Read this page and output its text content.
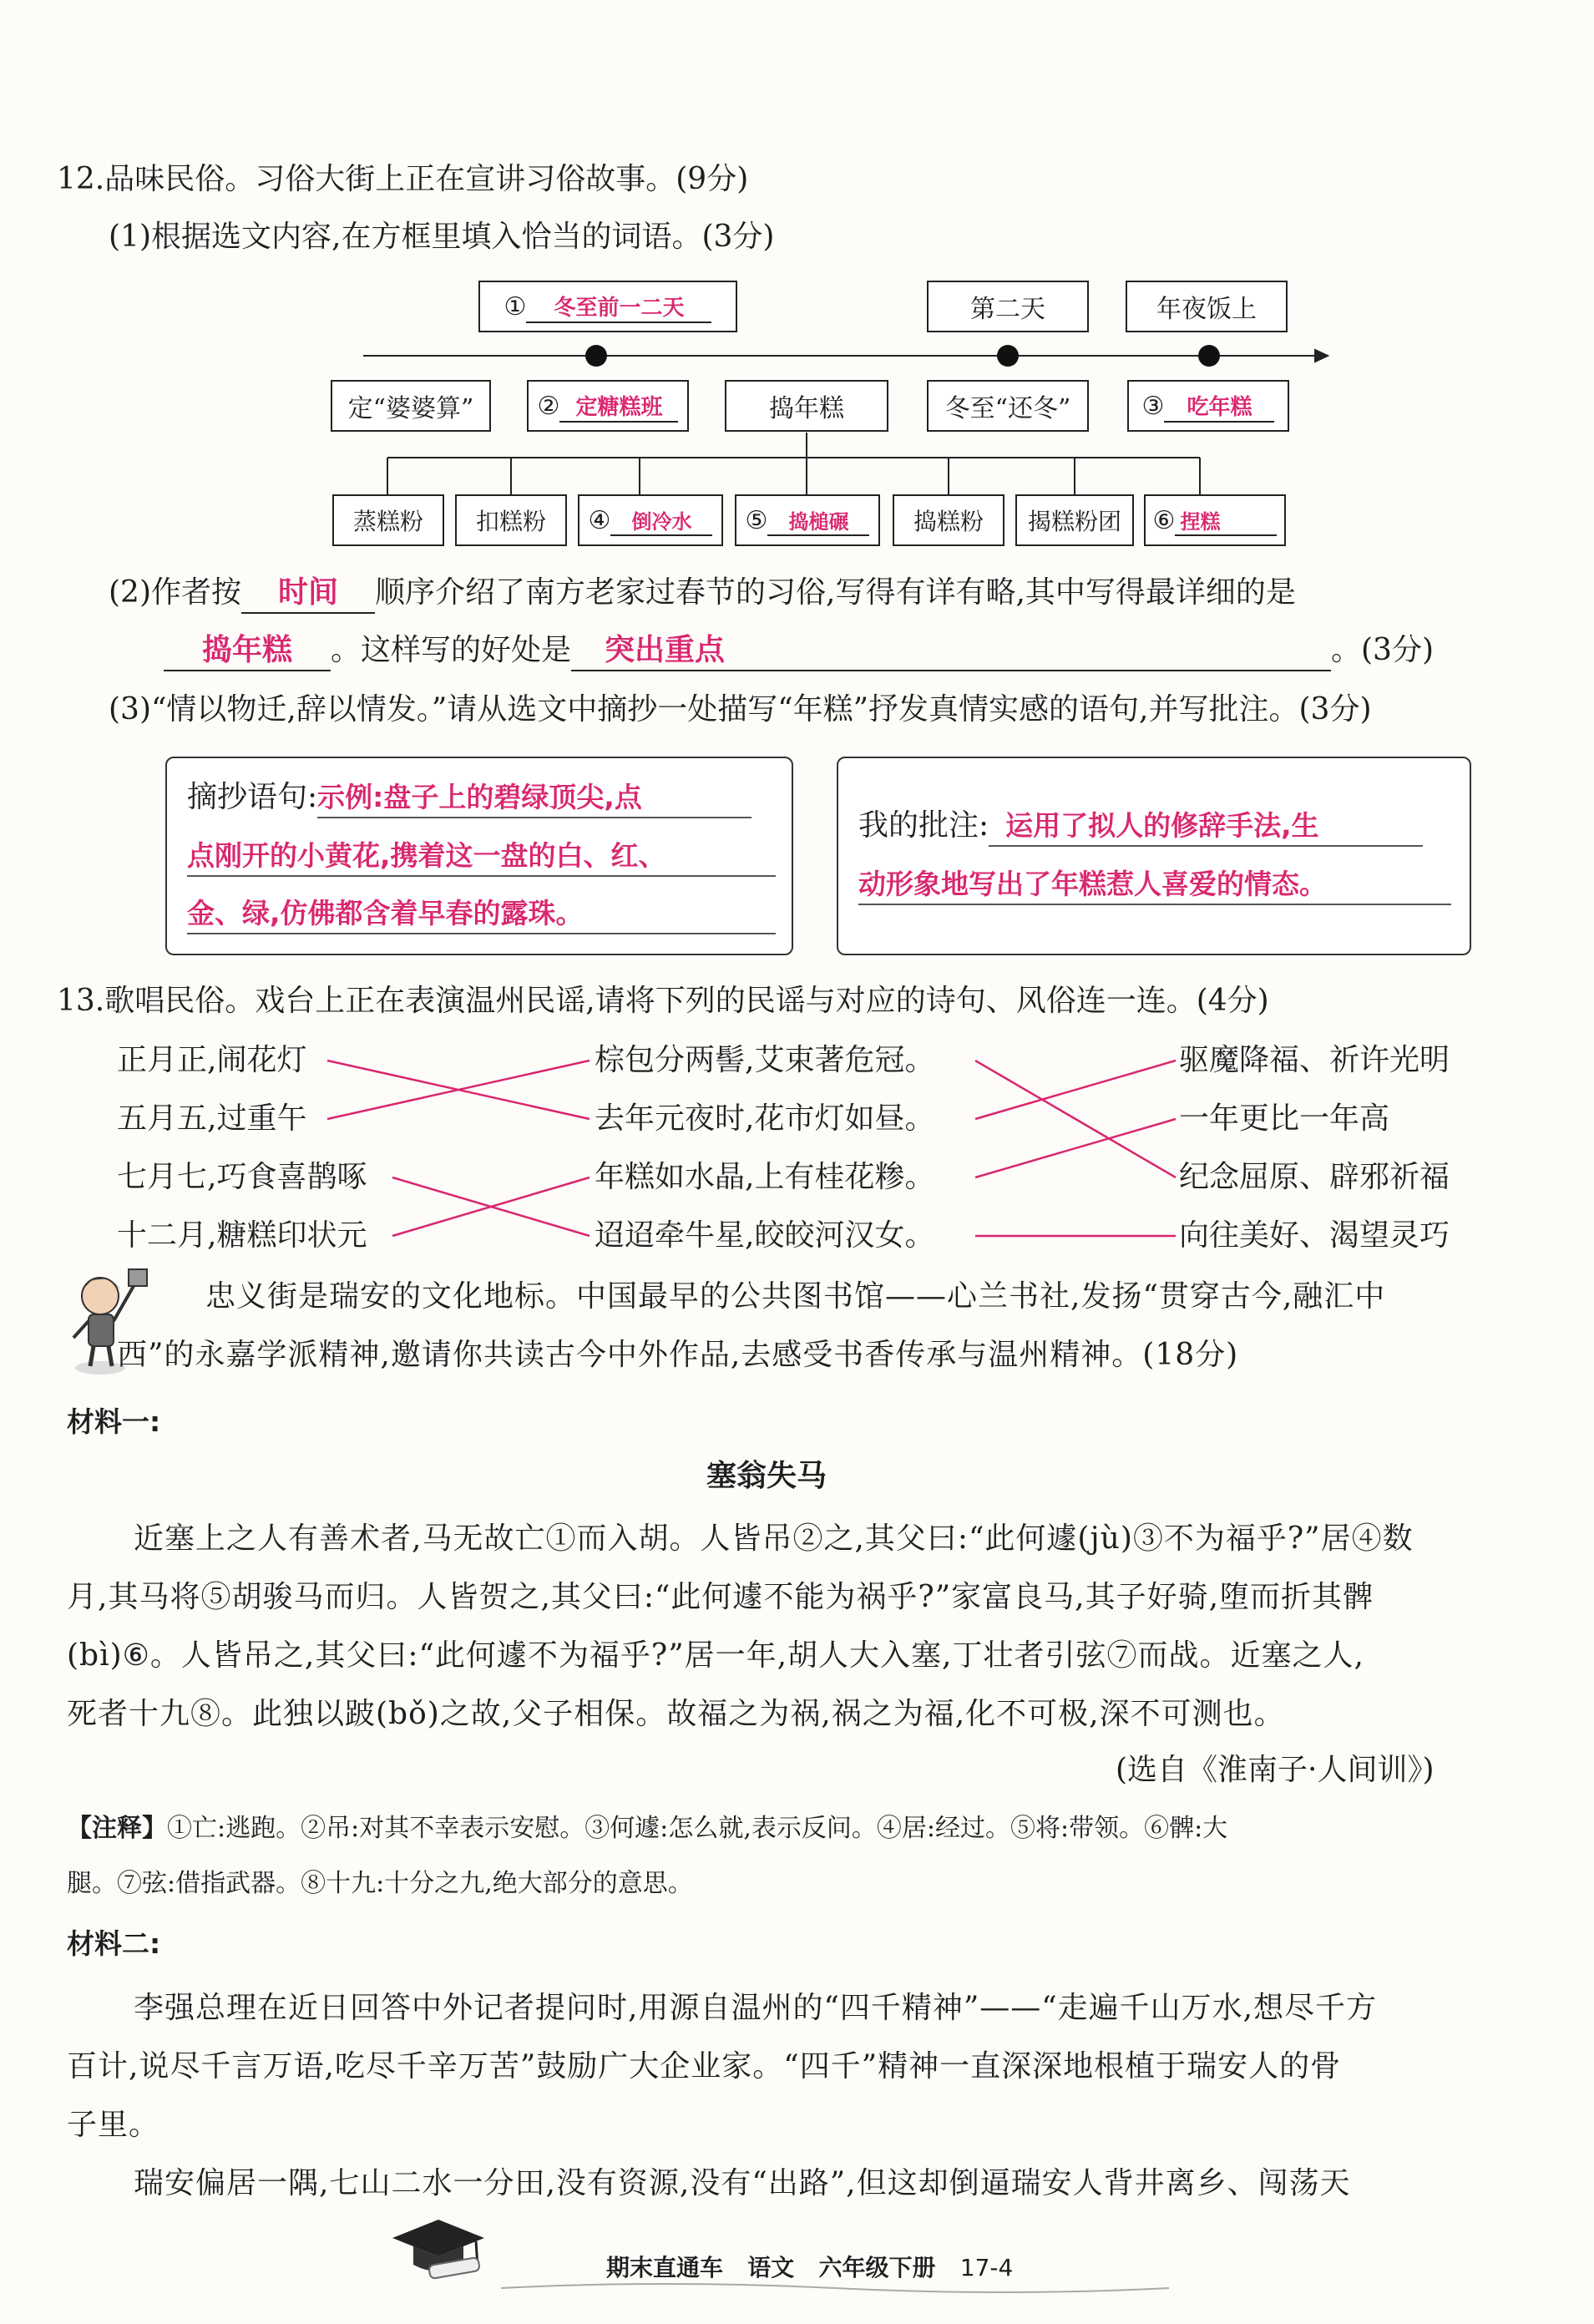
12.品味民俗。习俗大街上正在宣讲习俗故事。(9分)
(1)根据选文内容,在方框里填入恰当的词语。(3分)
①	冬至前一二天	第二天	年夜饭上
定“婆婆算”	② 定糖糕班	捣年糕	冬至“还冬”	③	吃年糕
蒸糕粉	扣糕粉	④	倒冷水	⑤	捣槌碾	捣糕粉	揭糕粉团	⑥ 捏糕
(2)作者按 时间 顺序介绍了南方老家过春节的习俗,写得有详有略,其中写得最详细的是
捣年糕 。这样写的好处是 突出重点	。(3分)
(3)“情以物迁,辞以情发。”请从选文中摘抄一处描写“年糕”抒发真情实感的语句,并写批注。(3分)
摘抄语句:示例:盘子上的碧绿顶尖,点
点刚开的小黄花,携着这一盘的白、红、
金、绿,仿佛都含着早春的露珠。
我的批注: 运用了拟人的修辞手法,生
动形象地写出了年糕惹人喜爱的情态。
13.歌唱民俗。戏台上正在表演温州民谣,请将下列的民谣与对应的诗句、风俗连一连。(4分)
正月正,闹花灯
五月五,过重午
七月七,巧食喜鹊啄
十二月,糖糕印状元
棕包分两髻,艾束著危冠。
去年元夜时,花市灯如昼。
年糕如水晶,上有桂花糁。
迢迢牵牛星,皎皎河汉女。
驱魔降福、祈许光明
一年更比一年高
纪念屈原、辟邪祈福
向往美好、渴望灵巧
忠义街是瑞安的文化地标。中国最早的公共图书馆——心兰书社,发扬“贯穿古今,融汇中
西”的永嘉学派精神,邀请你共读古今中外作品,去感受书香传承与温州精神。(18分)
材料一:
塞翁失马
近塞上之人有善术者,马无故亡①而入胡。人皆吊②之,其父曰:“此何遽(jù)③不为福乎?”居④数
月,其马将⑤胡骏马而归。人皆贺之,其父曰:“此何遽不能为祸乎?”家富良马,其子好骑,堕而折其髀
(bì)⑥。人皆吊之,其父曰:“此何遽不为福乎?”居一年,胡人大入塞,丁壮者引弦⑦而战。近塞之人,
死者十九⑧。此独以跛(bǒ)之故,父子相保。故福之为祸,祸之为福,化不可极,深不可测也。
(选自《淮南子·人间训》)
【注释】①亡:逃跑。②吊:对其不幸表示安慰。③何遽:怎么就,表示反问。④居:经过。⑤将:带领。⑥髀:大
腿。⑦弦:借指武器。⑧十九:十分之九,绝大部分的意思。
材料二:
李强总理在近日回答中外记者提问时,用源自温州的“四千精神”——“走遍千山万水,想尽千方
百计,说尽千言万语,吃尽千辛万苦”鼓励广大企业家。“四千”精神一直深深地根植于瑞安人的骨
子里。
瑞安偏居一隅,七山二水一分田,没有资源,没有“出路”,但这却倒逼瑞安人背井离乡、闯荡天
期末直通车 语文 六年级下册 17-4
